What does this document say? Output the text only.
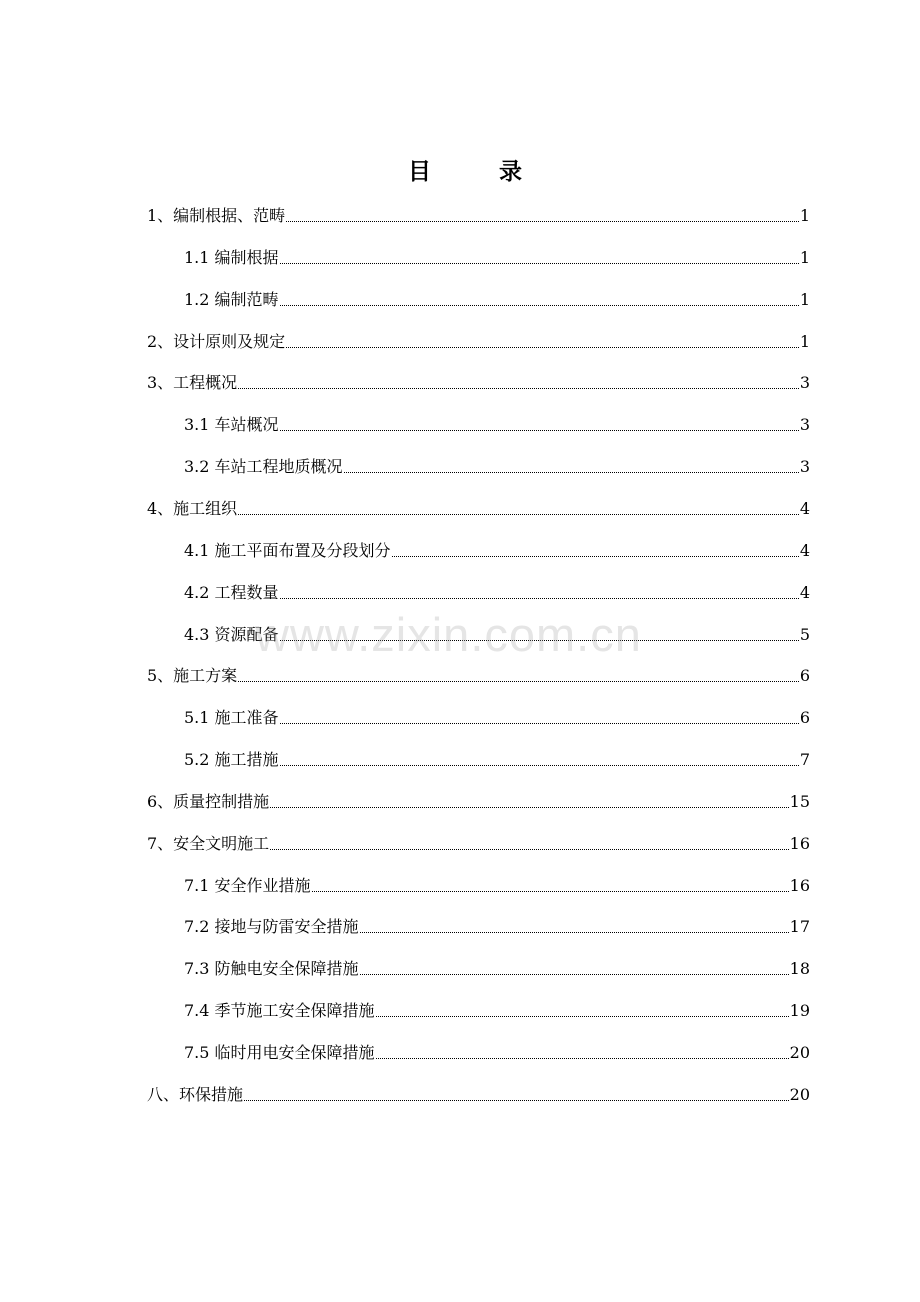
目 录
1、编制根据、范畴	1
1.1 编制根据	1
1.2 编制范畴	1
2、设计原则及规定	1
3、工程概况	3
3.1 车站概况	3
3.2 车站工程地质概况	3
4、施工组织	4
4.1 施工平面布置及分段划分	4
4.2 工程数量	4
4.3 资源配备	5
5、施工方案	6
5.1 施工准备	6
5.2 施工措施	7
6、质量控制措施	15
7、安全文明施工	16
7.1 安全作业措施	16
7.2 接地与防雷安全措施	17
7.3 防触电安全保障措施	18
7.4 季节施工安全保障措施	19
7.5 临时用电安全保障措施	20
八、环保措施	20
www.zixin.com.cn
